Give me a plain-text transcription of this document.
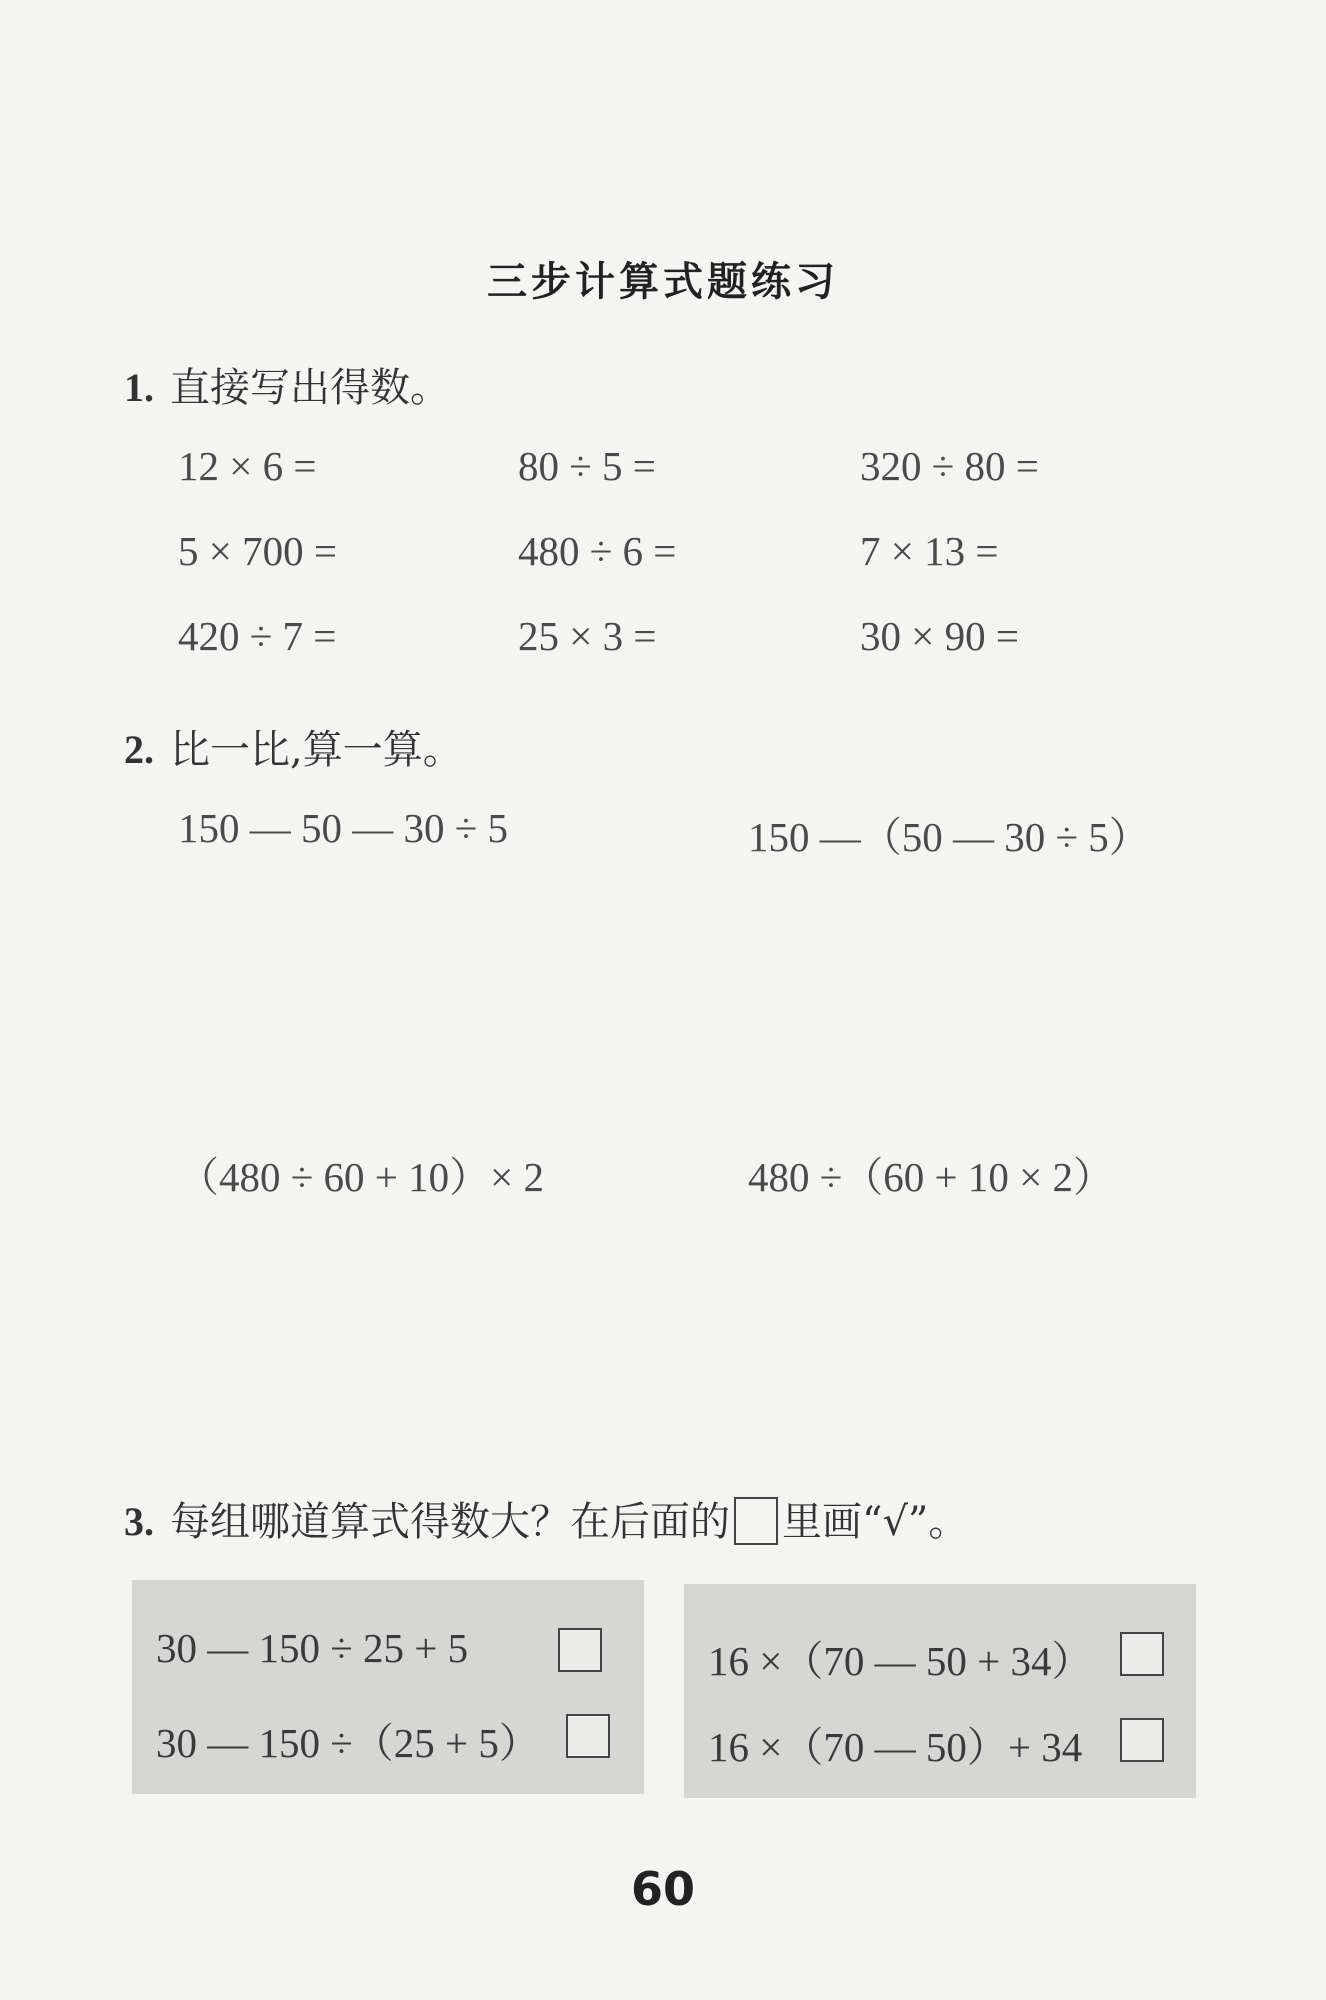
三步计算式题练习
1. 直接写出得数。
12 × 6 =	80 ÷ 5 =	320 ÷ 80 =
5 × 700 =	480 ÷ 6 =	7 × 13 =
420 ÷ 7 =	25 × 3 =	30 × 90 =
2. 比一比,算一算。
150 — 50 — 30 ÷ 5	150 —（50 — 30 ÷ 5）
（480 ÷ 60 + 10）× 2	480 ÷（60 + 10 × 2）
3. 每组哪道算式得数大？在后面的 里画“√”。

30 — 150 ÷ 25 + 5

30 — 150 ÷（25 + 5）

16 ×（70 — 50 + 34）

16 ×（70 — 50）+ 34

60
